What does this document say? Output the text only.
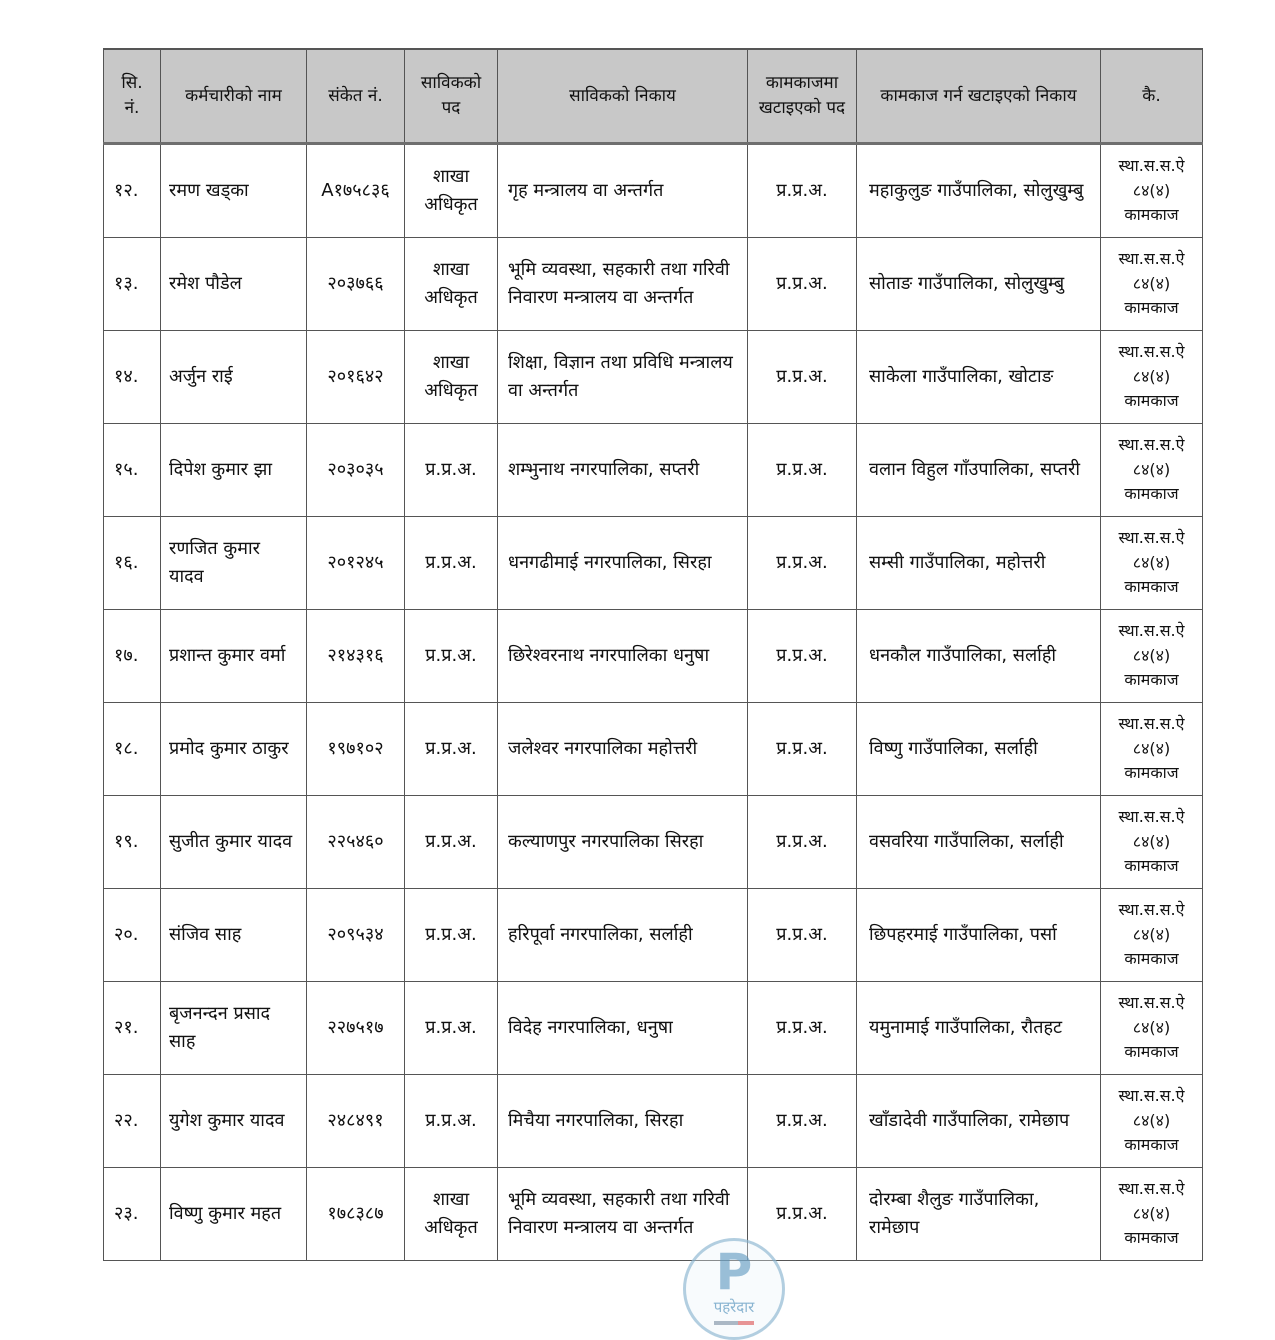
सि. नं.	कर्मचारीको नाम	संकेत नं.	साविकको पद	साविकको निकाय	कामकाजमा खटाइएको पद	कामकाज गर्न खटाइएको निकाय	कै.
१२.	रमण खड्का	A१७५८३६	शाखा अधिकृत	गृह मन्त्रालय वा अन्तर्गत	प्र.प्र.अ.	महाकुलुङ गाउँपालिका, सोलुखुम्बु	स्था.स.स.ऐ
८४(४)
कामकाज

१३.	रमेश पौडेल	२०३७६६	शाखा अधिकृत	भूमि व्यवस्था, सहकारी तथा गरिवी निवारण मन्त्रालय वा अन्तर्गत	प्र.प्र.अ.	सोताङ गाउँपालिका, सोलुखुम्बु	स्था.स.स.ऐ
८४(४)
कामकाज

१४.	अर्जुन राई	२०१६४२	शाखा अधिकृत	शिक्षा, विज्ञान तथा प्रविधि मन्त्रालय वा अन्तर्गत	प्र.प्र.अ.	साकेला गाउँपालिका, खोटाङ	स्था.स.स.ऐ
८४(४)
कामकाज

१५.	दिपेश कुमार झा	२०३०३५	प्र.प्र.अ.	शम्भुनाथ नगरपालिका, सप्तरी	प्र.प्र.अ.	वलान विहुल गाँउपालिका, सप्तरी	स्था.स.स.ऐ
८४(४)
कामकाज

१६.	रणजित कुमार यादव	२०१२४५	प्र.प्र.अ.	धनगढीमाई नगरपालिका, सिरहा	प्र.प्र.अ.	सम्सी गाउँपालिका, महोत्तरी	स्था.स.स.ऐ
८४(४)
कामकाज

१७.	प्रशान्त कुमार वर्मा	२१४३१६	प्र.प्र.अ.	छिरेश्वरनाथ नगरपालिका धनुषा	प्र.प्र.अ.	धनकौल गाउँपालिका, सर्लाही	स्था.स.स.ऐ
८४(४)
कामकाज

१८.	प्रमोद कुमार ठाकुर	१९७१०२	प्र.प्र.अ.	जलेश्वर नगरपालिका महोत्तरी	प्र.प्र.अ.	विष्णु गाउँपालिका, सर्लाही	स्था.स.स.ऐ
८४(४)
कामकाज

१९.	सुजीत कुमार यादव	२२५४६०	प्र.प्र.अ.	कल्याणपुर नगरपालिका सिरहा	प्र.प्र.अ.	वसवरिया गाउँपालिका, सर्लाही	स्था.स.स.ऐ
८४(४)
कामकाज

२०.	संजिव साह	२०९५३४	प्र.प्र.अ.	हरिपूर्वा नगरपालिका, सर्लाही	प्र.प्र.अ.	छिपहरमाई गाउँपालिका, पर्सा	स्था.स.स.ऐ
८४(४)
कामकाज

२१.	बृजनन्दन प्रसाद साह	२२७५१७	प्र.प्र.अ.	विदेह नगरपालिका, धनुषा	प्र.प्र.अ.	यमुनामाई गाउँपालिका, रौतहट	स्था.स.स.ऐ
८४(४)
कामकाज

२२.	युगेश कुमार यादव	२४८४९१	प्र.प्र.अ.	मिचैया नगरपालिका, सिरहा	प्र.प्र.अ.	खाँडादेवी गाउँपालिका, रामेछाप	स्था.स.स.ऐ
८४(४)
कामकाज

२३.	विष्णु कुमार महत	१७८३८७	शाखा अधिकृत	भूमि व्यवस्था, सहकारी तथा गरिवी निवारण मन्त्रालय वा अन्तर्गत	प्र.प्र.अ.	दोरम्बा शैलुङ गाउँपालिका, रामेछाप	स्था.स.स.ऐ
८४(४)
कामकाज
P
पहरेदार
